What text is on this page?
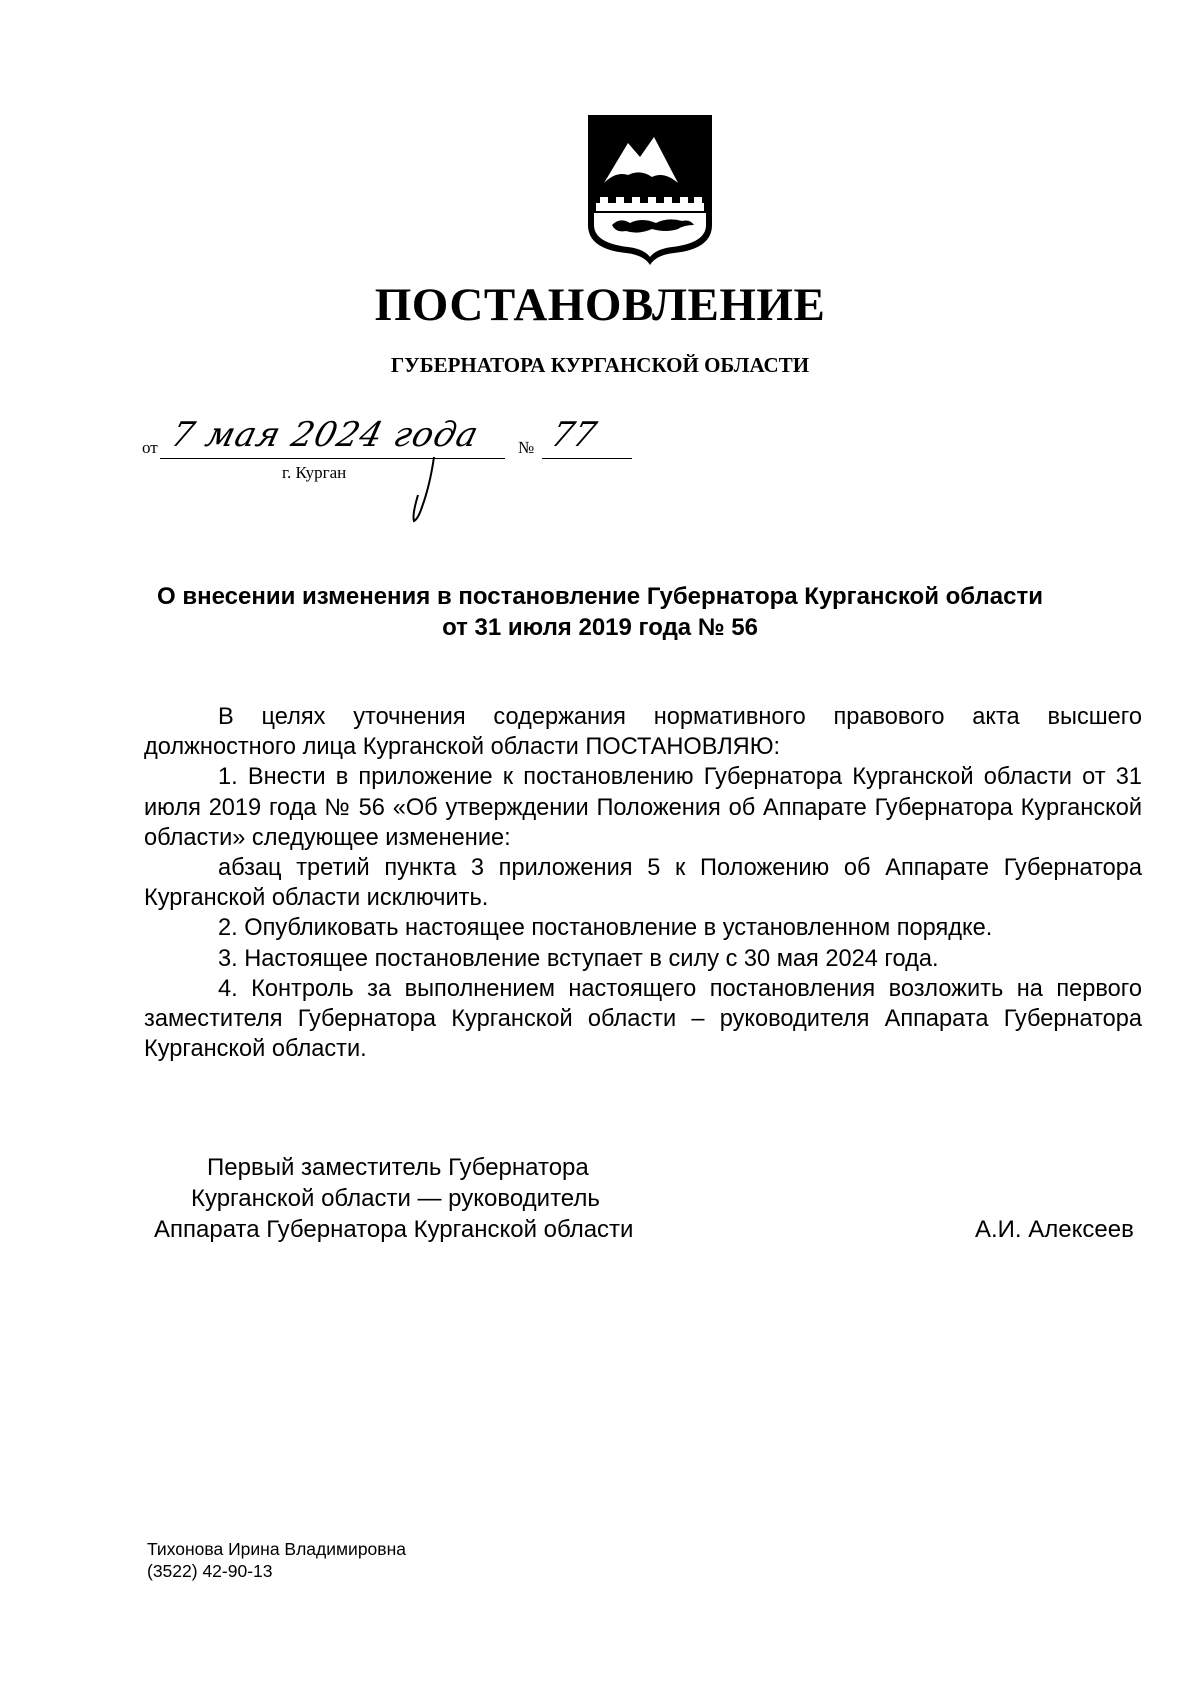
ПОСТАНОВЛЕНИЕ
ГУБЕРНАТОРА КУРГАНСКОЙ ОБЛАСТИ
от 7 мая 2024 года	№ 77
г. Курган
О внесении изменения в постановление Губернатора Курганской области
от 31 июля 2019 года № 56

В целях уточнения содержания нормативного правового акта высшего должностного лица Курганской области ПОСТАНОВЛЯЮ:

1. Внести в приложение к постановлению Губернатора Курганской области от 31 июля 2019 года № 56 «Об утверждении Положения об Аппарате Губернатора Курганской области» следующее изменение:

абзац третий пункта 3 приложения 5 к Положению об Аппарате Губернатора Курганской области исключить.

2. Опубликовать настоящее постановление в установленном порядке.

3. Настоящее постановление вступает в силу с 30 мая 2024 года.

4. Контроль за выполнением настоящего постановления возложить на первого заместителя Губернатора Курганской области – руководителя Аппарата Губернатора Курганской области.

Первый заместитель Губернатора
Курганской области — руководитель
Аппарата Губернатора Курганской области	А.И. Алексеев
Тихонова Ирина Владимировна
(3522) 42-90-13
